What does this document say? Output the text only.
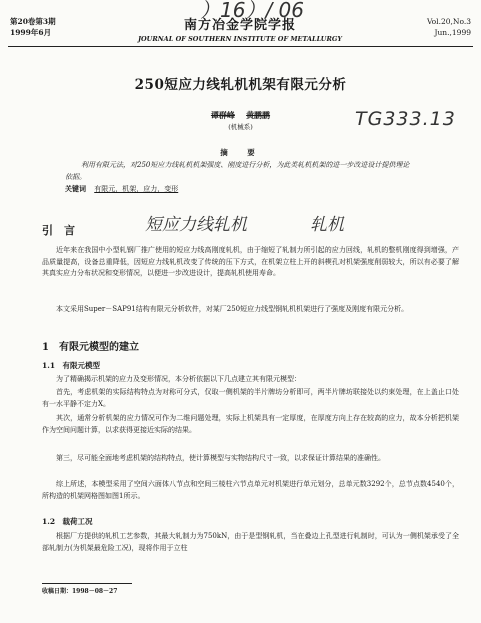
）16）/ 06
第20卷第3期
1999年6月	南方冶金学院学报
JOURNAL OF SOUTHERN INSTITUTE OF METALLURGY
Vol.20,No.3
Jun.,1999
250短应力线轧机机架有限元分析
谭群峰 黄鹏鹏
(机械系)	TG333.13
摘　要
利用有限元法，对250短应力线轧机机架强度、刚度进行分析，为此类轧机机架的进一步改进设计提供理论依据。
关键词 有限元，机架，应力，变形
引　言	短应力线轧机	轧机
近年来在我国中小型轧钢厂推广使用的短应力线高刚度轧机，由于缩短了轧制力所引起的应力回线，轧机的整机刚度得到增强，产品质量提高，设备总重降低，因短应力线轧机改变了传统的压下方式，在机架立柱上开的斜楔孔对机架强度削弱较大，所以有必要了解其真实应力分布状况和变形情况，以便进一步改进设计，提高轧机使用寿命。
本文采用Super－SAP91结构有限元分析软件，对某厂250短应力线型钢轧机机架进行了强度及刚度有限元分析。
1　有限元模型的建立
1.1　有限元模型
为了精确揭示机架的应力及变形情况，本分析依据以下几点建立其有限元模型：
首先，考虑机架的实际结构特点为对称可分式，仅取一侧机架的半片牌坊分析即可，两半片牌坊联接处以约束处理，在上盖止口处有一水平静不定力X。
其次，通常分析机架的应力情况可作为二维问题处理，实际上机架具有一定厚度，在厚度方向上存在较高的应力，故本分析把机架作为空间问题计算，以求获得更接近实际的结果。
第三，尽可能全面地考虑机架的结构特点，使计算模型与实物结构尺寸一致，以求保证计算结果的准确性。
综上所述，本模型采用了空间六面体八节点和空间三棱柱六节点单元对机架进行单元划分，总单元数3292个，总节点数4540个，所构造的机架网格图如图1所示。
1.2　载荷工况
根据厂方提供的轧机工艺参数，其最大轧制力为750kN，由于是型钢轧机，当在叠边上孔型进行轧制时，可认为一侧机架承受了全部轧制力(为机架最危险工况)，现将作用于立柱
收稿日期：1998－08－27
